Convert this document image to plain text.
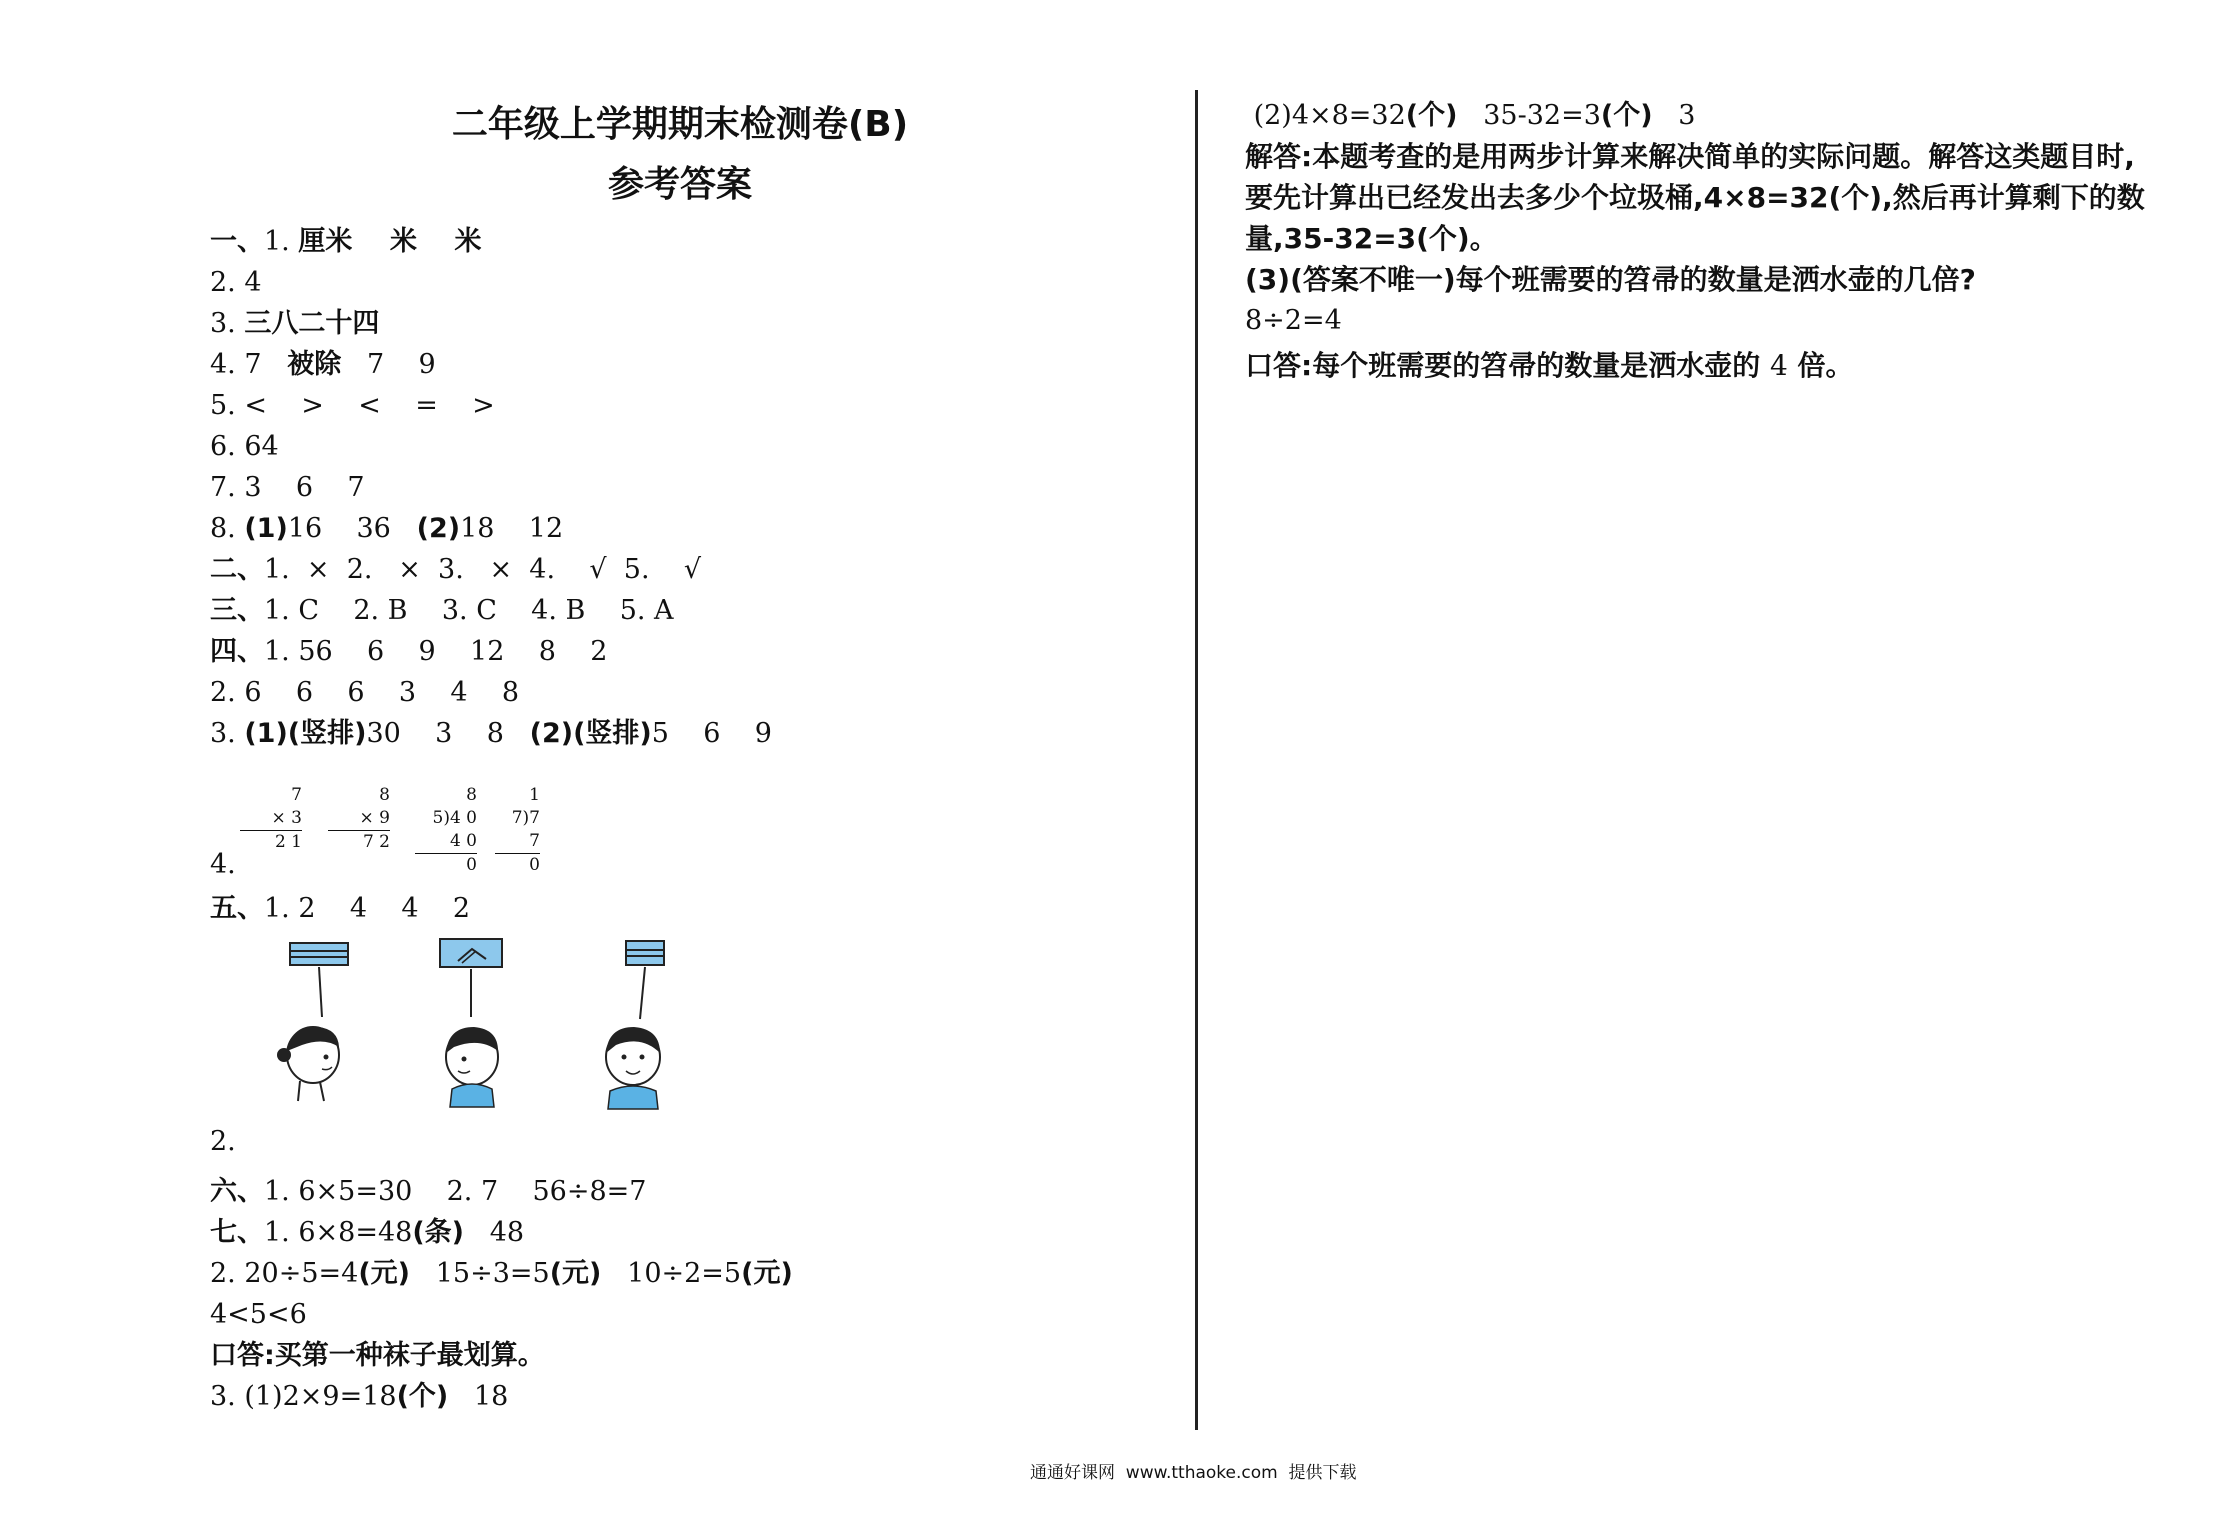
二年级上学期期末检测卷(B)
参考答案
一、1. 厘米    米    米
2. 4
3. 三八二十四
4. 7   被除   7    9
5. <    >    <    =    >
6. 64
7. 3    6    7
8. (1)16    36   (2)18    12
二、1.  ×  2.   ×  3.   ×  4.    √  5.    √
三、1. C    2. B    3. C    4. B    5. A
四、1. 56    6    9    12    8    2
2. 6    6    6    3    4    8
3. (1)(竖排)30    3    8   (2)(竖排)5    6    9
4.
7
× 3
2 1
8
× 9
7 2
8
5)4 0
4 0
0
1
7)7
7
0
五、1. 2    4    4    2
2.
六、1. 6×5=30    2. 7    56÷8=7
七、1. 6×8=48(条)   48
2. 20÷5=4(元)   15÷3=5(元)   10÷2=5(元)
4<5<6
口答:买第一种袜子最划算。
3. (1)2×9=18(个)   18
(2)4×8=32(个)   35-32=3(个)   3
解答:本题考查的是用两步计算来解决简单的实际问题。解答这类题目时,
要先计算出已经发出去多少个垃圾桶,4×8=32(个),然后再计算剩下的数
量,35-32=3(个)。
(3)(答案不唯一)每个班需要的笤帚的数量是洒水壶的几倍?
8÷2=4
口答:每个班需要的笤帚的数量是洒水壶的 4 倍。
通通好课网  www.tthaoke.com  提供下载
